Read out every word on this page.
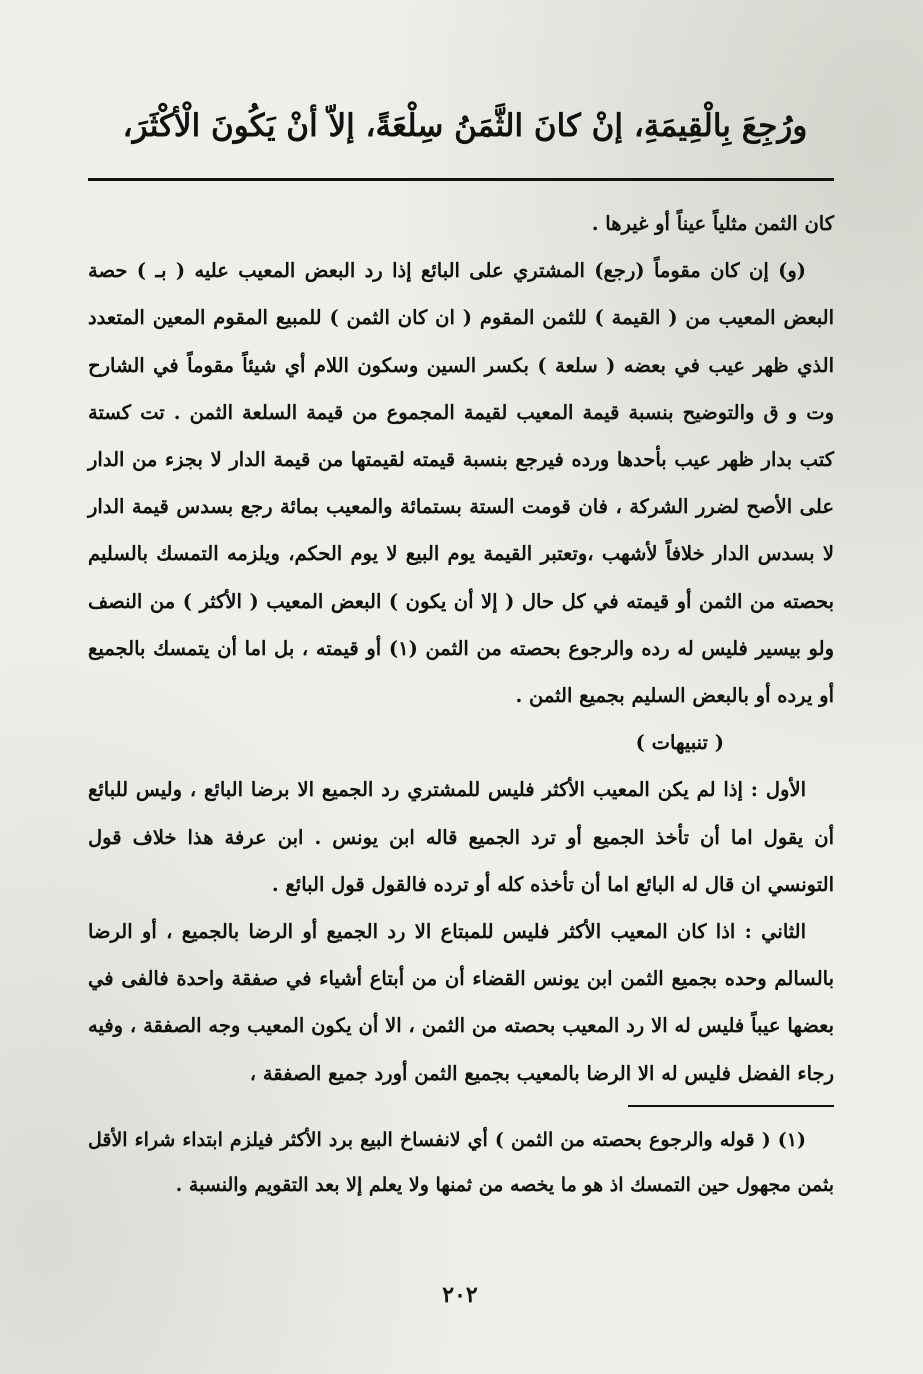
ورُجِعَ بِالْقِيمَةِ، إنْ كانَ الثَّمَنُ سِلْعَةً، إلاّ أنْ يَكُونَ الْأكْثَرَ،

كان الثمن مثلياً عيناً أو غيرها .

(و) إن كان مقوماً (رجع) المشتري على البائع إذا رد البعض المعيب عليه ( بـ ) حصة البعض المعيب من ( القيمة ) للثمن المقوم ( ان كان الثمن ) للمبيع المقوم المعين المتعدد الذي ظهر عيب في بعضه ( سلعة ) بكسر السين وسكون اللام أي شيئاً مقوماً في الشارح وت و ق والتوضيح بنسبة قيمة المعيب لقيمة المجموع من قيمة السلعة الثمن . تت كستة كتب بدار ظهر عيب بأحدها ورده فيرجع بنسبة قيمته لقيمتها من قيمة الدار لا بجزء من الدار على الأصح لضرر الشركة ، فان قومت الستة بستمائة والمعيب بمائة رجع بسدس قيمة الدار لا بسدس الدار خلافاً لأشهب ،وتعتبر القيمة يوم البيع لا يوم الحكم، ويلزمه التمسك بالسليم بحصته من الثمن أو قيمته في كل حال ( إلا أن يكون ) البعض المعيب ( الأكثر ) من النصف ولو بيسير فليس له رده والرجوع بحصته من الثمن (١) أو قيمته ، بل اما أن يتمسك بالجميع أو يرده أو بالبعض السليم بجميع الثمن .

( تنبيهات )

الأول : إذا لم يكن المعيب الأكثر فليس للمشتري رد الجميع الا برضا البائع ، وليس للبائع أن يقول اما أن تأخذ الجميع أو ترد الجميع قاله ابن يونس . ابن عرفة هذا خلاف قول التونسي ان قال له البائع اما أن تأخذه كله أو ترده فالقول قول البائع .

الثاني : اذا كان المعيب الأكثر فليس للمبتاع الا رد الجميع أو الرضا بالجميع ، أو الرضا بالسالم وحده بجميع الثمن ابن يونس القضاء أن من أبتاع أشياء في صفقة واحدة فالفى في بعضها عيباً فليس له الا رد المعيب بحصته من الثمن ، الا أن يكون المعيب وجه الصفقة ، وفيه رجاء الفضل فليس له الا الرضا بالمعيب بجميع الثمن أورد جميع الصفقة ،

(١) ( قوله والرجوع بحصته من الثمن ) أي لانفساخ البيع برد الأكثر فيلزم ابتداء شراء الأقل بثمن مجهول حين التمسك اذ هو ما يخصه من ثمنها ولا يعلم إلا بعد التقويم والنسبة .

٢٠٢
